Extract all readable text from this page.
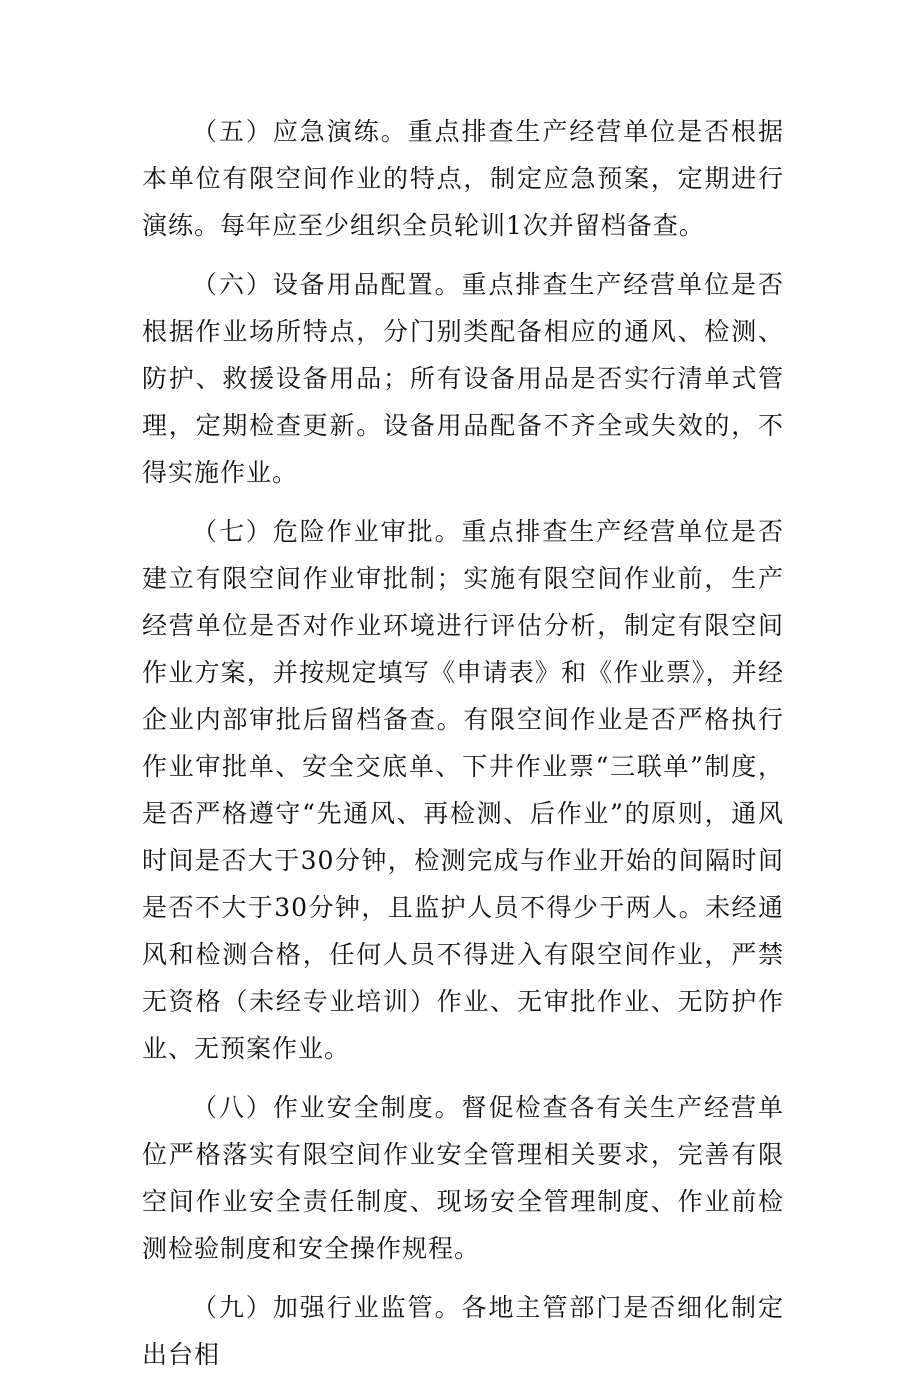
（五）应急演练。重点排查生产经营单位是否根据本单位有限空间作业的特点，制定应急预案，定期进行演练。每年应至少组织全员轮训1次并留档备查。

（六）设备用品配置。重点排查生产经营单位是否根据作业场所特点，分门别类配备相应的通风、检测、防护、救援设备用品；所有设备用品是否实行清单式管理，定期检查更新。设备用品配备不齐全或失效的，不得实施作业。

（七）危险作业审批。重点排查生产经营单位是否建立有限空间作业审批制；实施有限空间作业前，生产经营单位是否对作业环境进行评估分析，制定有限空间作业方案，并按规定填写《申请表》和《作业票》，并经企业内部审批后留档备查。有限空间作业是否严格执行作业审批单、安全交底单、下井作业票“三联单”制度，是否严格遵守“先通风、再检测、后作业”的原则，通风时间是否大于30分钟，检测完成与作业开始的间隔时间是否不大于30分钟，且监护人员不得少于两人。未经通风和检测合格，任何人员不得进入有限空间作业，严禁无资格（未经专业培训）作业、无审批作业、无防护作业、无预案作业。

（八）作业安全制度。督促检查各有关生产经营单位严格落实有限空间作业安全管理相关要求，完善有限空间作业安全责任制度、现场安全管理制度、作业前检测检验制度和安全操作规程。

（九）加强行业监管。各地主管部门是否细化制定出台相
